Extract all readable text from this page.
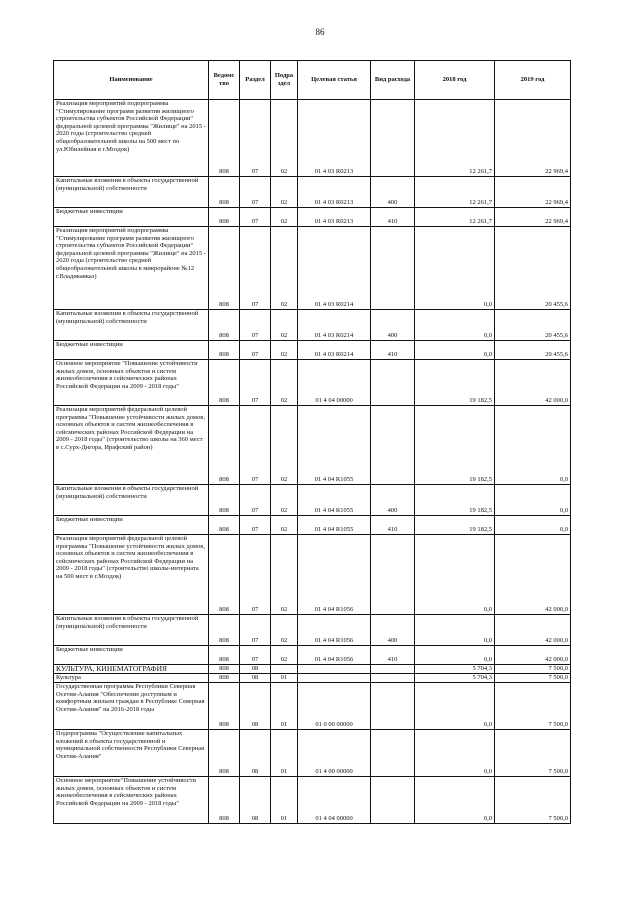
86
Наименование	Ведомс тво	Раздел	Подра здел	Целевая статья	Вид расхода	2018 год	2019 год
Реализация мероприятий подпрограммы "Стимулирование программ развития жилищного строительства субъектов Российской Федерации" федеральной целевой программы "Жилище" на 2015 - 2020 годы (строительство средней общеобразовательной школы на 500 мест по ул.Юбилейная в г.Моздок)	808	07	02	01 4 03 R0213		12 261,7	22 969,4
Капитальные вложения в объекты государственной (муниципальной) собственности	808	07	02	01 4 03 R0213	400	12 261,7	22 969,4
Бюджетные инвестиции	808	07	02	01 4 03 R0213	410	12 261,7	22 969,4
Реализация мероприятий подпрограммы "Стимулирование программ развития жилищного строительства субъектов Российской Федерации" федеральной целевой программы "Жилище" на 2015 - 2020 годы (строительство средней общеобразовательной школы в микрорайоне №12 г.Владикавказ)	808	07	02	01 4 03 R0214		0,0	20 455,6
Капитальные вложения в объекты государственной (муниципальной) собственности	808	07	02	01 4 03 R0214	400	0,0	20 455,6
Бюджетные инвестиции	808	07	02	01 4 03 R0214	410	0,0	20 455,6
Основное мероприятие "Повышение устойчивости жилых домов, основных объектов и систем жизнеобеспечения в сейсмических районах Российской Федерации на 2009 - 2018 годы"	808	07	02	01 4 04 00000		19 182,5	42 000,0
Реализация мероприятий федеральной целевой программы "Повышение устойчивости жилых домов, основных объектов и систем жизнеобеспечения в сейсмических районах Российской Федерации на 2009 - 2018 годы" (строительство школы на 360 мест в с.Сурх-Дигора, Ирафский район)	808	07	02	01 4 04 R1055		19 182,5	0,0
Капитальные вложения в объекты государственной (муниципальной) собственности	808	07	02	01 4 04 R1055	400	19 182,5	0,0
Бюджетные инвестиции	808	07	02	01 4 04 R1055	410	19 182,5	0,0
Реализация мероприятий федеральной целевой программы "Повышение устойчивости жилых домов, основных объектов и систем жизнеобеспечения в сейсмических районах Российской Федерации на 2009 - 2018 годы" (строительство школы-интерната на 500 мест в г.Моздок)	808	07	02	01 4 04 R1056		0,0	42 000,0
Капитальные вложения в объекты государственной (муниципальной) собственности	808	07	02	01 4 04 R1056	400	0,0	42 000,0
Бюджетные инвестиции	808	07	02	01 4 04 R1056	410	0,0	42 000,0
КУЛЬТУРА, КИНЕМАТОГРАФИЯ	808	08				5 704,3	7 500,0
Культура	808	08	01			5 704,3	7 500,0
Государственная программа Республики Северная Осетия-Алания "Обеспечение доступным и комфортным жильем граждан в Республике Северная Осетия-Алания" на 2016-2018 годы	808	08	01	01 0 00 00000		0,0	7 500,0
Подпрограмма "Осуществление капитальных вложений в объекты государственной и муниципальной собственности Республики Северная Осетия-Алания"	808	08	01	01 4 00 00000		0,0	7 500,0
Основное мероприятие"Повышение устойчивости жилых домов, основных объектов и систем жизнеобеспечения в сейсмических районах Российской Федерации на 2009 - 2018 годы"	808	08	01	01 4 04 00000		0,0	7 500,0
